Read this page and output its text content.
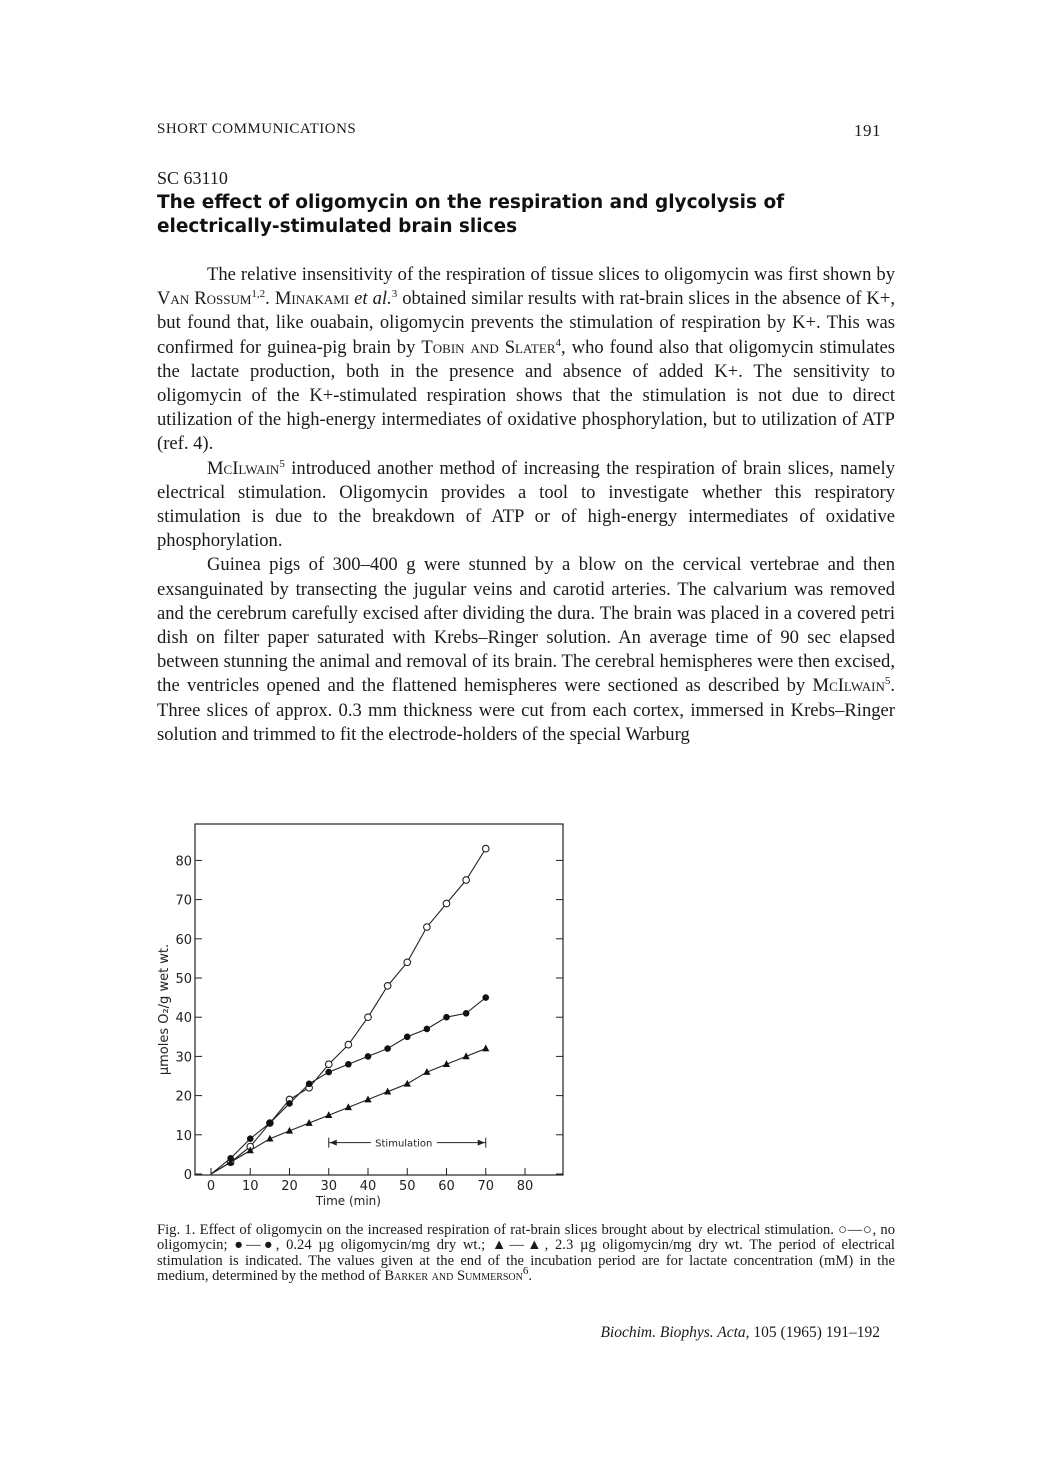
SHORT COMMUNICATIONS	191
SC 63110
The effect of oligomycin on the respiration and glycolysis of electrically-stimulated brain slices

The relative insensitivity of the respiration of tissue slices to oligomycin was first shown by Van Rossum$^{1,2}$. Minakami et al.$^3$ obtained similar results with rat-brain slices in the absence of K+, but found that, like ouabain, oligomycin prevents the stimulation of respiration by K+. This was confirmed for guinea-pig brain by Tobin and Slater$^4$, who found also that oligomycin stimulates the lactate production, both in the presence and absence of added K+. The sensitivity to oligomycin of the K+-stimulated respiration shows that the stimulation is not due to direct utilization of the high-energy intermediates of oxidative phosphorylation, but to utilization of ATP (ref. 4).

McIlwain$^5$ introduced another method of increasing the respiration of brain slices, namely electrical stimulation. Oligomycin provides a tool to investigate whether this respiratory stimulation is due to the breakdown of ATP or of high-energy intermediates of oxidative phosphorylation.

Guinea pigs of 300–400 g were stunned by a blow on the cervical vertebrae and then exsanguinated by transecting the jugular veins and carotid arteries. The calvarium was removed and the cerebrum carefully excised after dividing the dura. The brain was placed in a covered petri dish on filter paper saturated with Krebs–Ringer solution. An average time of 90 sec elapsed between stunning the animal and removal of its brain. The cerebral hemispheres were then excised, the ventricles opened and the flattened hemispheres were sectioned as described by McIlwain$^5$. Three slices of approx. 0.3 mm thickness were cut from each cortex, immersed in Krebs–Ringer solution and trimmed to fit the electrode-holders of the special Warburg

0
10
20
30
40
50
60
70
80
0 10 20 30 40 50 60 70 80
Time (min)
µmoles O₂/g wet wt.
Stimulation
Fig. 1. Effect of oligomycin on the increased respiration of rat-brain slices brought about by electrical stimulation. ○—○, no oligomycin; ●—●, 0.24 µg oligomycin/mg dry wt.; ▲—▲, 2.3 µg oligomycin/mg dry wt. The period of electrical stimulation is indicated. The values given at the end of the incubation period are for lactate concentration (mM) in the medium, determined by the method of Barker and Summerson$^6$.
Biochim. Biophys. Acta, 105 (1965) 191–192
